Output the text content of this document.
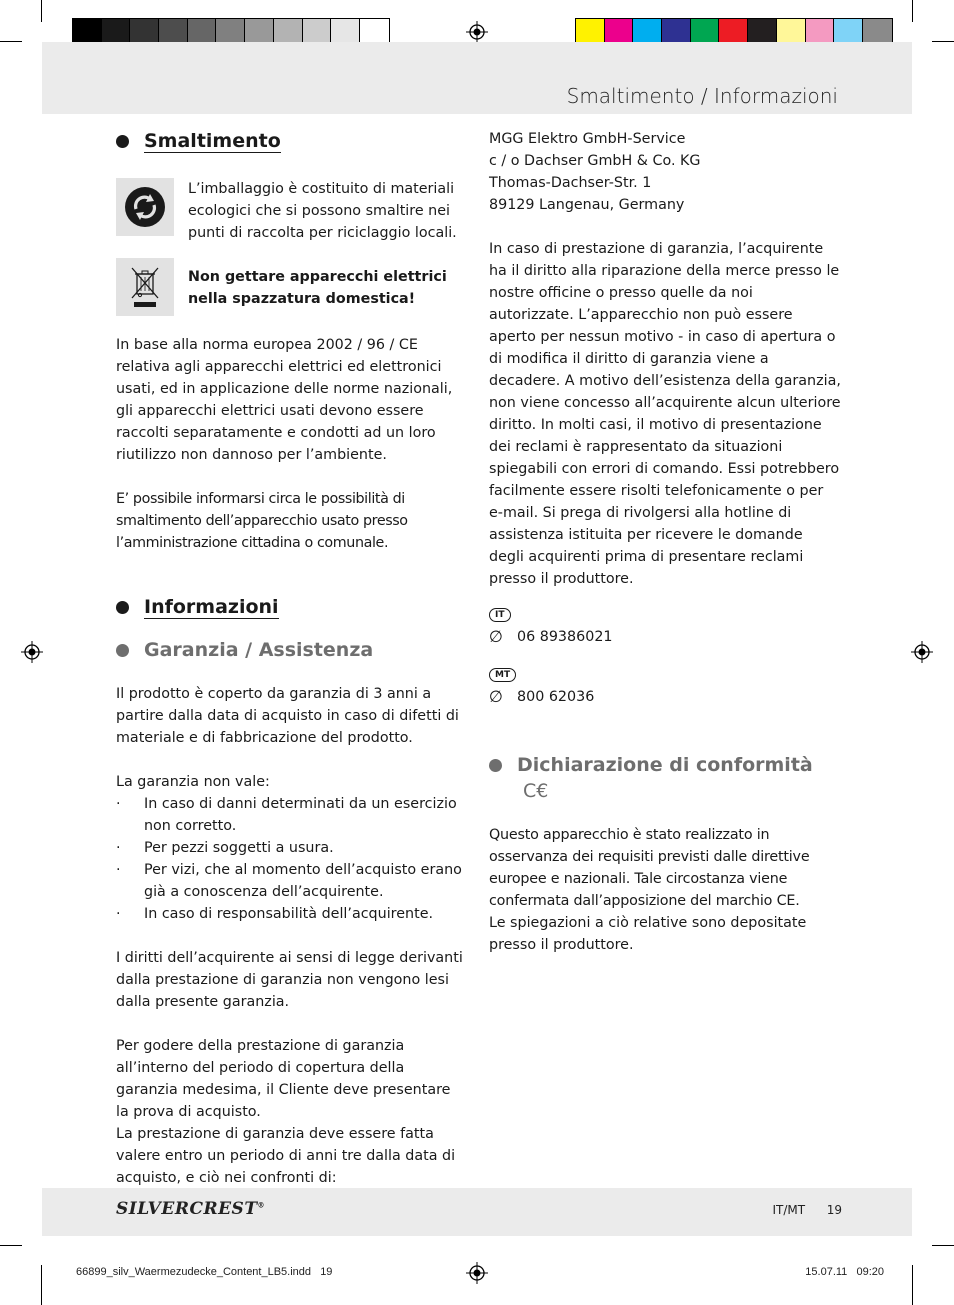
Smaltimento / Informazioni
Smaltimento
L’imballaggio è costituito di materiali ecologici che si possono smaltire nei punti di raccolta per riciclaggio locali.
Non gettare apparecchi elettrici nella spazzatura domestica!

In base alla norma europea 2002 / 96 / CE relativa agli apparecchi elettrici ed elettronici usati, ed in applicazione delle norme nazionali, gli apparecchi elettrici usati devono essere raccolti separatamente e condotti ad un loro riutilizzo non dannoso per l’ambiente.

E’ possibile informarsi circa le possibilità di smaltimento dell’apparecchio usato presso l’amministrazione cittadina o comunale.

Informazioni
Garanzia / Assistenza

Il prodotto è coperto da garanzia di 3 anni a partire dalla data di acquisto in caso di difetti di materiale e di fabbricazione del prodotto.

La garanzia non vale:

· In caso di danni determinati da un esercizio non corretto.
· Per pezzi soggetti a usura.
· Per vizi, che al momento dell’acquisto erano già a conoscenza dell’acquirente.
· In caso di responsabilità dell’acquirente.

I diritti dell’acquirente ai sensi di legge derivanti dalla prestazione di garanzia non vengono lesi dalla presente garanzia.

Per godere della prestazione di garanzia all’interno del periodo di copertura della garanzia medesima, il Cliente deve presentare la prova di acquisto.

La prestazione di garanzia deve essere fatta valere entro un periodo di anni tre dalla data di acquisto, e ciò nei confronti di:

MGG Elektro GmbH-Service

c / o Dachser GmbH & Co. KG

Thomas-Dachser-Str. 1

89129 Langenau, Germany

In caso di prestazione di garanzia, l’acquirente ha il diritto alla riparazione della merce presso le nostre officine o presso quelle da noi autorizzate. L’apparecchio non può essere aperto per nessun motivo - in caso di apertura o di modifica il diritto di garanzia viene a decadere. A motivo dell’esistenza della garanzia, non viene concesso all’acquirente alcun ulteriore diritto. In molti casi, il motivo di presentazione dei reclami è rappresentato da situazioni spiegabili con errori di comando. Essi potrebbero facilmente essere risolti telefonicamente o per e-mail. Si prega di rivolgersi alla hotline di assistenza istituita per ricevere le domande degli acquirenti prima di presentare reclami presso il produttore.

IT
∅ 06 89386021
MT
∅ 800 62036
Dichiarazione di conformità C€

Questo apparecchio è stato realizzato in osservanza dei requisiti previsti dalle direttive europee e nazionali. Tale circostanza viene confermata dall’apposizione del marchio CE.

Le spiegazioni a ciò relative sono depositate presso il produttore.

SILVERCREST®	IT/MT 19
66899_silv_Waermezudecke_Content_LB5.indd   19	15.07.11   09:20
